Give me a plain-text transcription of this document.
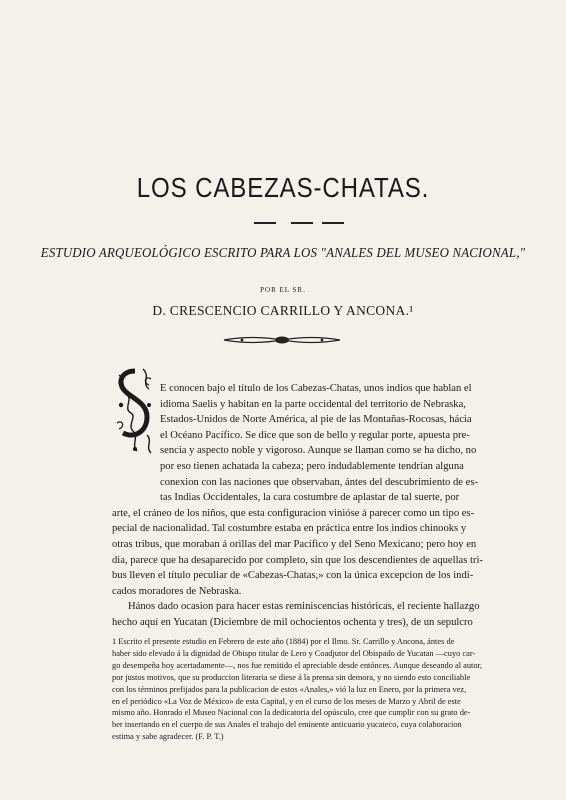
LOS CABEZAS-CHATAS.
ESTUDIO ARQUEOLÓGICO ESCRITO PARA LOS "ANALES DEL MUSEO NACIONAL,"
POR EL SR.
D. CRESCENCIO CARRILLO Y ANCONA.¹
E conocen bajo el título de los Cabezas-Chatas, unos indios que hablan el
idioma Saelis y habitan en la parte occidental del territorio de Nebraska,
Estados-Unidos de Norte América, al pie de las Montañas-Rocosas, hácia
el Océano Pacífico. Se dice que son de bello y regular porte, apuesta pre-
sencia y aspecto noble y vigoroso. Aunque se llaman como se ha dicho, no
por eso tienen achatada la cabeza; pero indudablemente tendrían alguna
conexion con las naciones que observaban, ántes del descubrimiento de es-
tas Indias Occidentales, la cara costumbre de aplastar de tal suerte, por
arte, el cráneo de los niños, que esta configuracion vinióse á parecer como un tipo es-
pecial de nacionalidad. Tal costumbre estaba en práctica entre los indios chinooks y
otras tribus, que moraban á orillas del mar Pacífico y del Seno Mexicano; pero hoy en
dia, parece que ha desaparecido por completo, sin que los descendientes de aquellas tri-
bus lleven el título peculiar de «Cabezas-Chatas,» con la única excepcion de los indi-
cados moradores de Nebraska.
Hános dado ocasion para hacer estas reminiscencias históricas, el reciente hallazgo
hecho aquí en Yucatan (Diciembre de mil ochocientos ochenta y tres), de un sepulcro
1 Escrito el presente estudio en Febrero de este año (1884) por el Ilmo. Sr. Carrillo y Ancona, ántes de
haber sido elevado á la dignidad de Obispo titular de Lero y Coadjutor del Obispado de Yucatan —cuyo car-
go desempeña hoy acertadamente—, nos fue remitido el apreciable desde entónces. Aunque deseando al autor,
por justos motivos, que su produccion literaria se diese á la prensa sin demora, y no siendo esto conciliable
con los términos prefijados para la publicacion de estos «Anales,» vió la luz en Enero, por la primera vez,
en el periódico «La Voz de México» de esta Capital, y en el curso de los meses de Marzo y Abril de este
mismo año. Honrado el Museo Nacional con la dedicatoria del opúsculo, cree que cumplir con su grato de-
ber insertando en el cuerpo de sus Anales el trabajo del eminente anticuario yucateco, cuya colaboracion
estima y sabe agradecer. (F. P. T.)
